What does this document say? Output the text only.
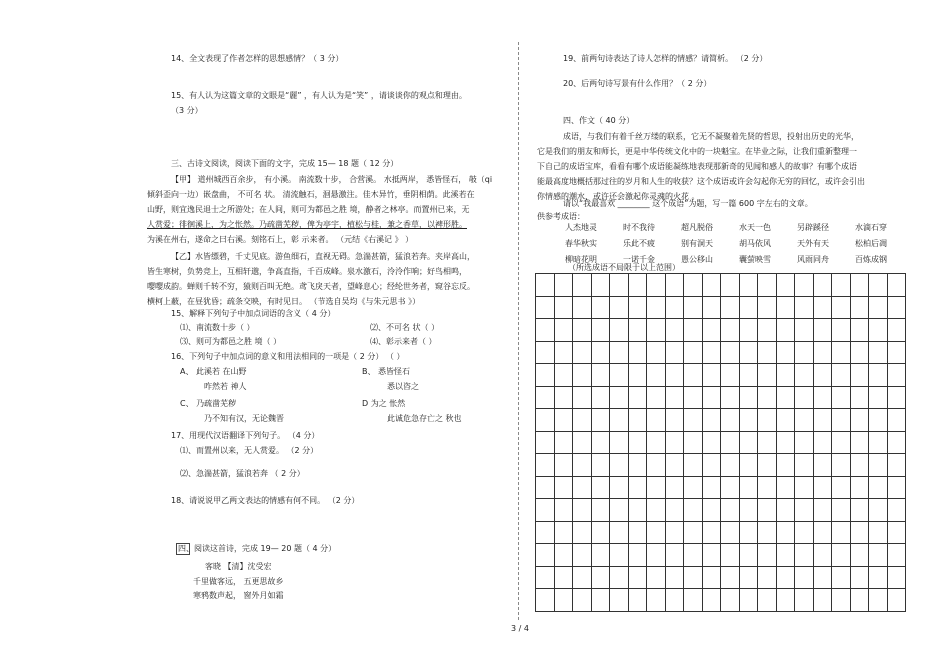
14、全文表现了作者怎样的思想感情？（ 3 分）
15、有人认为这篇文章的文眼是“麗” ，有人认为是“笑” ，请谈谈你的观点和理由。
（3 分）
三、古诗文阅读，阅读下面的文字，完成 15— 18 题（ 12 分）
【甲】 道州城西百余步， 有小溪。 南流数十步， 合营溪。 水抵两岸， 悉皆怪石， 攲（qi
傾斜歪向一边）嵌盘曲， 不可名 状。 清流触石，洄悬激注。佳木异竹，垂阴相荫。此溪若在
山野，则宜逸民退士之所游处；在人间，则可为都邑之胜 境，静者之林亭。而置州已来，无
人赏爱；徘徊溪上，为之怅然。乃疏凿芜秽，俾为亭宇，植松与桂，兼之香草，以裨形胜。
为溪在州右，遂命之曰右溪。刻铭石上，彰 示来者。 （元结《右溪记 》 ）
【乙】水皆缥碧，千丈见底。游鱼细石，直视无碍。急湍甚箭，猛浪若奔。夹岸高山，
皆生寒树，负势竞上，互相轩邈，争高直指，千百成峰。泉水激石，泠泠作响；好鸟相鸣，
嘤嘤成韵。蝉则千转不穷，猿则百叫无绝。鸢飞戾天者，望峰息心；经纶世务者，窥谷忘反。
横柯上蔽，在昼犹昏；疏条交映，有时见日。 （节选自吴均《与朱元思书 》）
15、解释下列句子中加点词语的含义（ 4 分）
⑴、南流数十步（ ）	⑵、不可名 状（ ）
⑶、则可为都邑之胜 境（ ）	⑷、彰示来者（ ）
16、下列句子中加点词的意义和用法相同的一项是（ 2 分） （ ）
A、 此溪若 在山野
咋然若 神人
B、 悉皆怪石
悉以咨之
C、 乃疏凿芜秽
乃不知有汉，无论魏晋
D 为之 怅然
此诚危急存亡之 秋也
17、用现代汉语翻译下列句子。 （4 分）
⑴、而置州以来，无人赏爱。 （2 分）
⑵、急湍甚箭，猛浪若奔 （ 2 分）
18、请说说甲乙两文表达的情感有何不同。 （2 分）
四、阅读这首诗，完成 19— 20 题（ 4 分）
客晓 【清】沈受宏
千里做客远， 五更思故乡
寒鸦数声起， 窗外月如霜
19、前两句诗表达了诗人怎样的情感？请简析。 （2 分）
20、后两句诗写景有什么作用？（ 2 分）
四、作文（ 40 分）
成语，与我们有着千丝万缕的联系，它无不凝聚着先贤的哲思，投射出历史的光华，
它是我们的朋友和师长，更是中华传统文化中的一块魁宝。在毕业之际，让我们重新整理一
下自己的成语宝库，看看有哪个成语能凝练地表现那新奇的见闻和感人的故事？有哪个成语
能最高度地概括那过往的岁月和人生的收获？这个成语或许会勾起你无穷的回忆，或许会引出
你情感的潮水，或许还会激起你灵魂的火花 。
请以“我最喜欢 ________ 这个成语”为题，写一篇 600 字左右的文章。
供参考成语：
人杰地灵	时不我待	超凡脱俗	水天一色	另辟蹊径	水滴石穿
春华秋实	乐此不疲	别有洞天	胡马依风	天外有天	松柏后凋
柳暗花明	一诺千金	愚公移山	囊萤映雪	风雨同舟	百炼成钢
（所选成语不局限于以上范围）
3 / 4
